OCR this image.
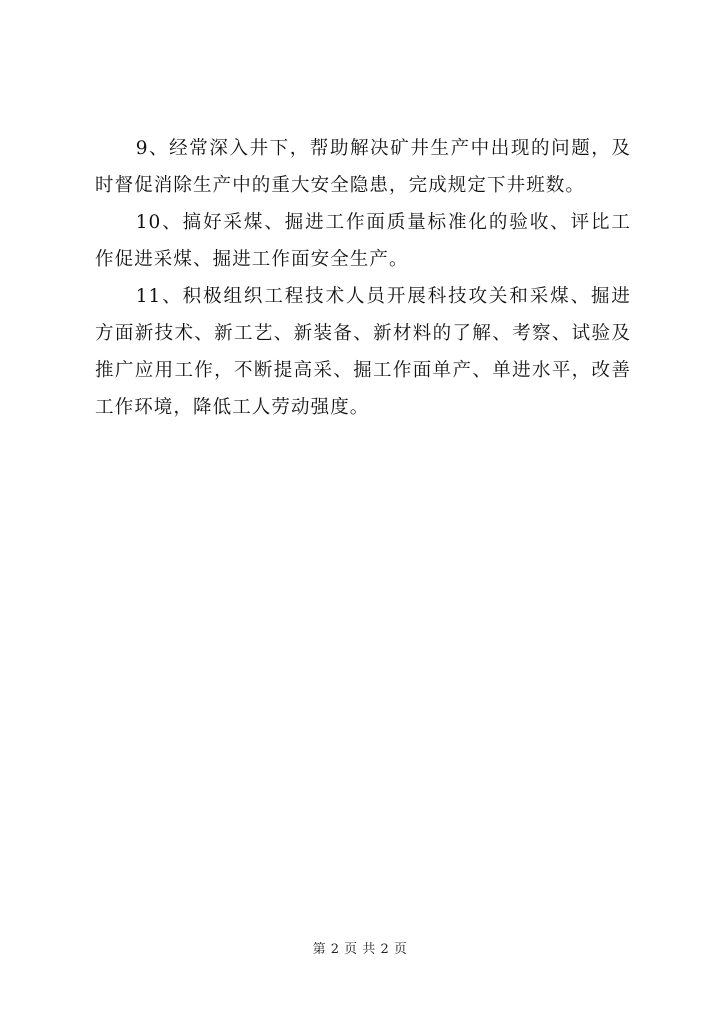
9、经常深入井下，帮助解决矿井生产中出现的问题，及时督促消除生产中的重大安全隐患，完成规定下井班数。

10、搞好采煤、掘进工作面质量标准化的验收、评比工作促进采煤、掘进工作面安全生产。

11、积极组织工程技术人员开展科技攻关和采煤、掘进方面新技术、新工艺、新装备、新材料的了解、考察、试验及推广应用工作，不断提高采、掘工作面单产、单进水平，改善工作环境，降低工人劳动强度。

第 2 页 共 2 页
